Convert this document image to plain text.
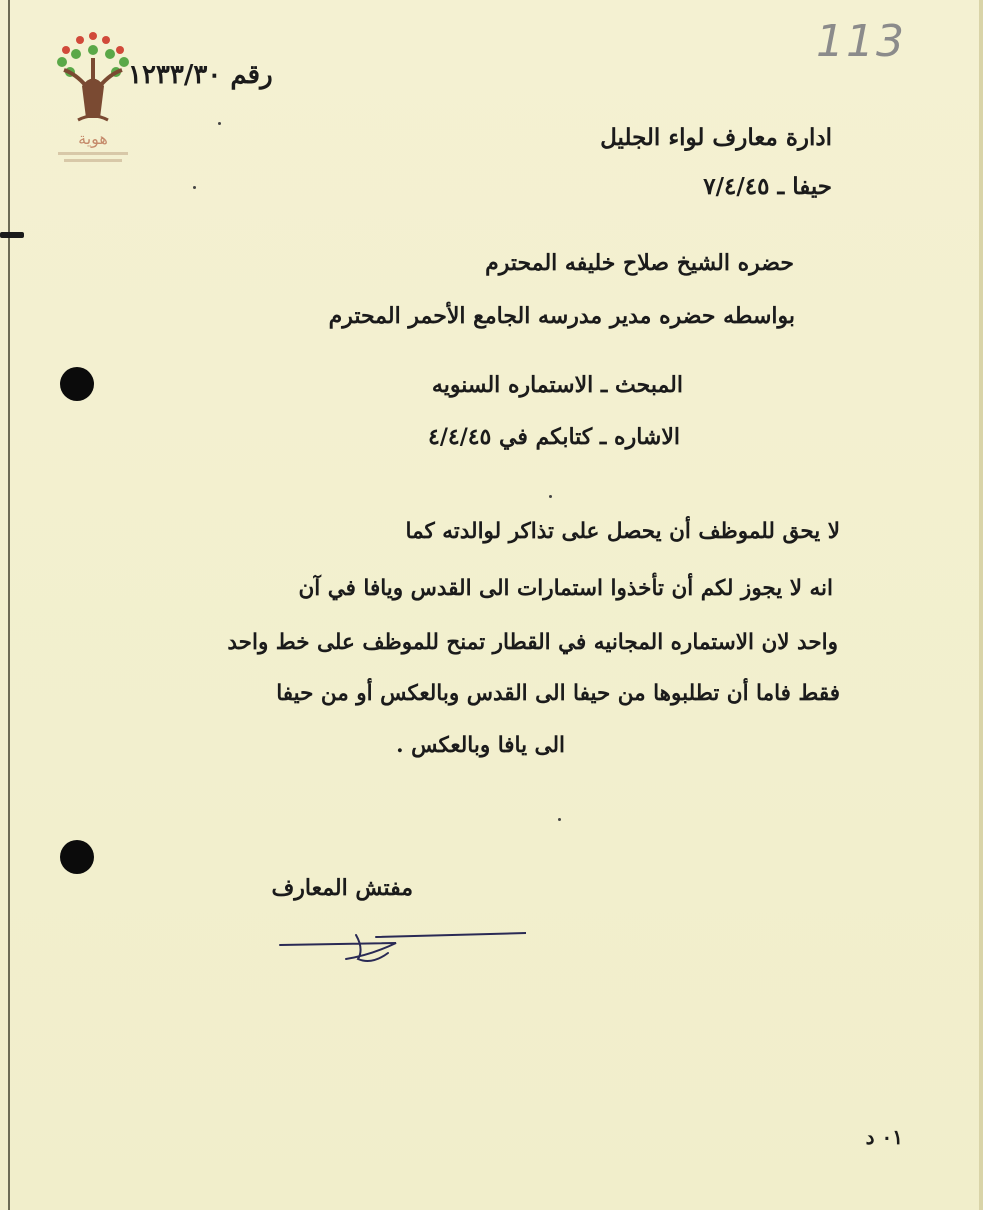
هوية
رقم ١٢٣٣/٣٠
113
ادارة معارف لواء الجليل
حيفا ـ ٧/٤/٤٥
حضره الشيخ صلاح خليفه المحترم
بواسطه حضره مدير مدرسه الجامع الأحمر المحترم
المبحث ـ الاستماره السنويه
الاشاره ـ كتابكم في ٤/٤/٤٥
لا يحق للموظف أن يحصل على تذاكر لوالدته كما
انه لا يجوز لكم أن تأخذوا استمارات الى القدس ويافا في آن
واحد لان الاستماره المجانيه في القطار تمنح للموظف على خط واحد
فقط فاما أن تطلبوها من حيفا الى القدس وبالعكس أو من حيفا
الى يافا وبالعكس .
مفتش المعارف
٠١ د
